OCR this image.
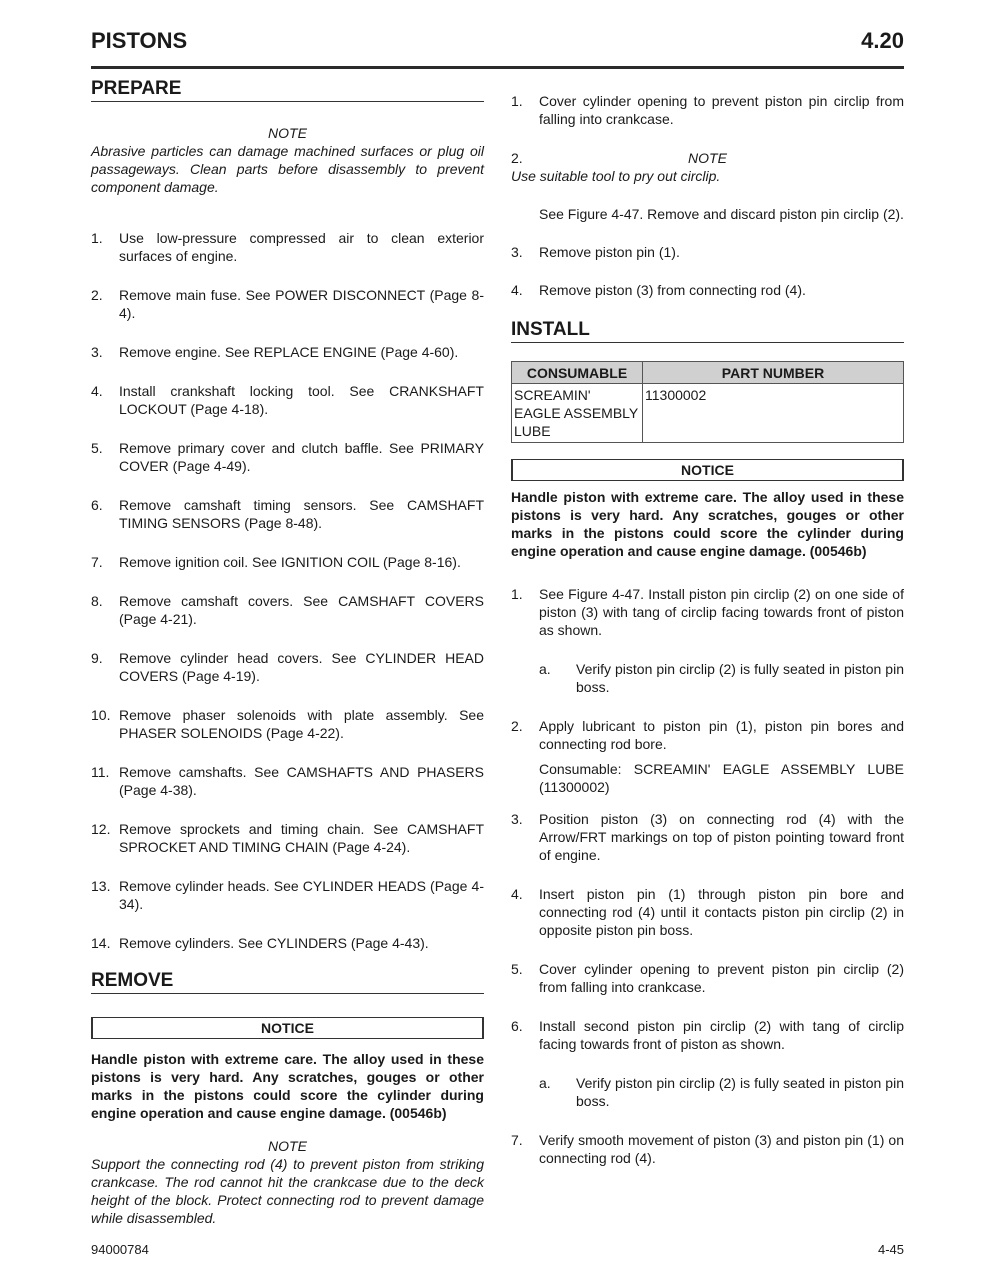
PISTONS	4.20
PREPARE
NOTE
Abrasive particles can damage machined surfaces or plug oil passageways. Clean parts before disassembly to prevent component damage.
1. Use low-pressure compressed air to clean exterior surfaces of engine.
2. Remove main fuse. See POWER DISCONNECT (Page 8-4).
3. Remove engine. See REPLACE ENGINE (Page 4-60).
4. Install crankshaft locking tool. See CRANKSHAFT LOCKOUT (Page 4-18).
5. Remove primary cover and clutch baffle. See PRIMARY COVER (Page 4-49).
6. Remove camshaft timing sensors. See CAMSHAFT TIMING SENSORS (Page 8-48).
7. Remove ignition coil. See IGNITION COIL (Page 8-16).
8. Remove camshaft covers. See CAMSHAFT COVERS (Page 4-21).
9. Remove cylinder head covers. See CYLINDER HEAD COVERS (Page 4-19).
10. Remove phaser solenoids with plate assembly. See PHASER SOLENOIDS (Page 4-22).
11. Remove camshafts. See CAMSHAFTS AND PHASERS (Page 4-38).
12. Remove sprockets and timing chain. See CAMSHAFT SPROCKET AND TIMING CHAIN (Page 4-24).
13. Remove cylinder heads. See CYLINDER HEADS (Page 4-34).
14. Remove cylinders. See CYLINDERS (Page 4-43).
REMOVE
NOTICE
Handle piston with extreme care. The alloy used in these pistons is very hard. Any scratches, gouges or other marks in the pistons could score the cylinder during engine operation and cause engine damage. (00546b)
NOTE
Support the connecting rod (4) to prevent piston from striking crankcase. The rod cannot hit the crankcase due to the deck height of the block. Protect connecting rod to prevent damage while disassembled.
1. Cover cylinder opening to prevent piston pin circlip from falling into crankcase.
2.	NOTE
Use suitable tool to pry out circlip.
See Figure 4-47. Remove and discard piston pin circlip (2).
3. Remove piston pin (1).
4. Remove piston (3) from connecting rod (4).
INSTALL
CONSUMABLE	PART NUMBER
SCREAMIN' EAGLE ASSEMBLY LUBE	11300002
NOTICE
Handle piston with extreme care. The alloy used in these pistons is very hard. Any scratches, gouges or other marks in the pistons could score the cylinder during engine operation and cause engine damage. (00546b)
1. See Figure 4-47. Install piston pin circlip (2) on one side of piston (3) with tang of circlip facing towards front of piston as shown.
a. Verify piston pin circlip (2) is fully seated in piston pin boss.
2. Apply lubricant to piston pin (1), piston pin bores and connecting rod bore.
Consumable: SCREAMIN' EAGLE ASSEMBLY LUBE (11300002)
3. Position piston (3) on connecting rod (4) with the Arrow/FRT markings on top of piston pointing toward front of engine.
4. Insert piston pin (1) through piston pin bore and connecting rod (4) until it contacts piston pin circlip (2) in opposite piston pin boss.
5. Cover cylinder opening to prevent piston pin circlip (2) from falling into crankcase.
6. Install second piston pin circlip (2) with tang of circlip facing towards front of piston as shown.
a. Verify piston pin circlip (2) is fully seated in piston pin boss.
7. Verify smooth movement of piston (3) and piston pin (1) on connecting rod (4).
94000784	4-45
